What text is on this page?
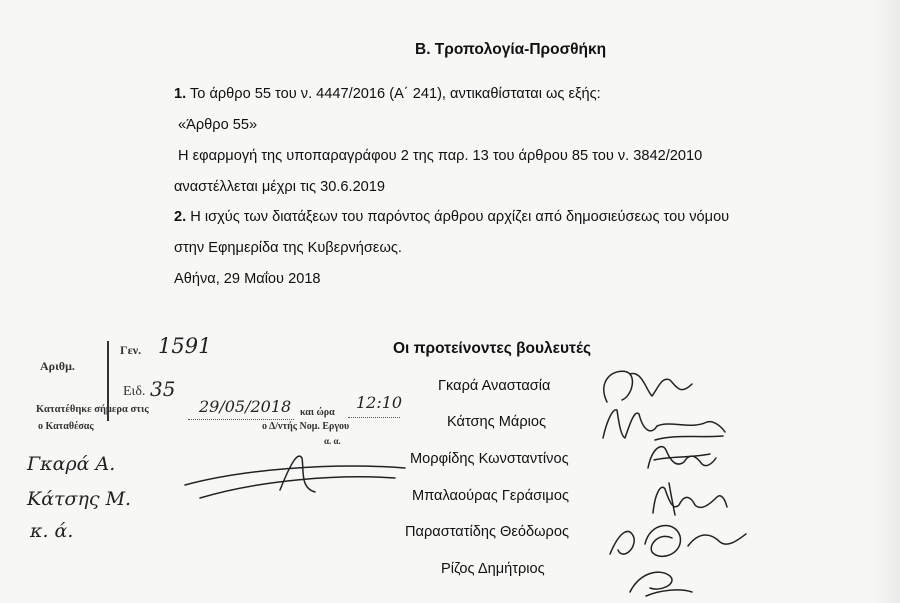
Β. Τροπολογία-Προσθήκη
1. Το άρθρο 55 του ν. 4447/2016 (Α΄ 241), αντικαθίσταται ως εξής:
«Άρθρο 55»
Η εφαρμογή της υποπαραγράφου 2 της παρ. 13 του άρθρου 85 του ν. 3842/2010
αναστέλλεται μέχρι τις 30.6.2019
2. Η ισχύς των διατάξεων του παρόντος άρθρου αρχίζει από δημοσιεύσεως του νόμου
στην Εφημερίδα της Κυβερνήσεως.
Αθήνα, 29 Μαΐου 2018
Οι προτείνοντες βουλευτές
Γκαρά Αναστασία
Κάτσης Μάριος
Μορφίδης Κωνσταντίνος
Μπαλαούρας Γεράσιμος
Παραστατίδης Θεόδωρος
Ρίζος Δημήτριος
Αριθμ.
Γεν. 1591
Ειδ. 35
Κατατέθηκε σήμερα στις	29/05/2018 και ώρα
12:10
ο Καταθέσας	ο Δ/ντής Νομ. Εργου
α. α.
Γκαρά Α.
Κάτσης Μ.
κ. ά.
